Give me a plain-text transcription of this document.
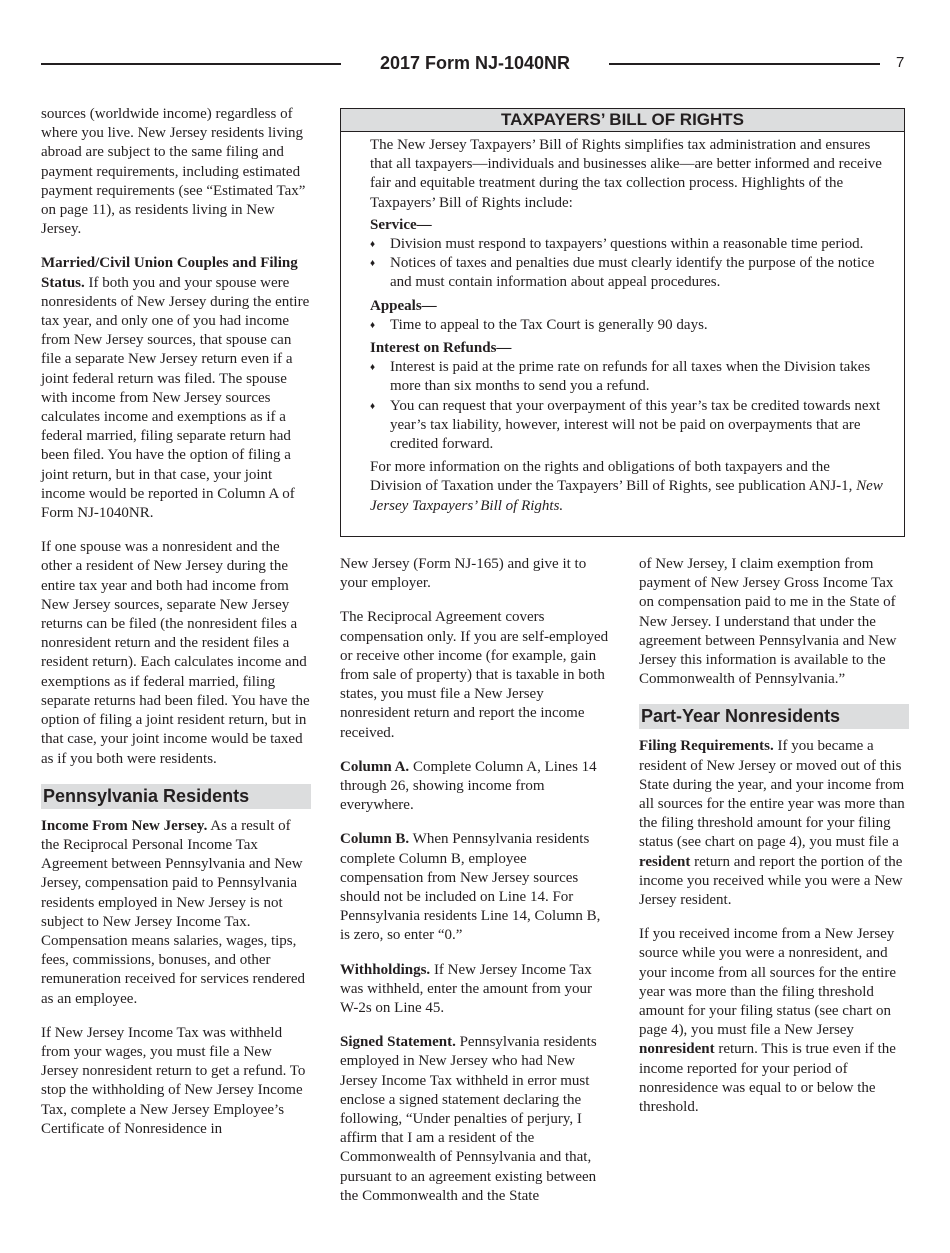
2017 Form NJ-1040NR	7

sources (worldwide income) regardless of where you live. New Jersey residents living abroad are subject to the same filing and payment requirements, including estimated payment requirements (see “Estimated Tax” on page 11), as residents living in New Jersey.

Married/Civil Union Couples and Filing Status. If both you and your spouse were nonresidents of New Jersey during the entire tax year, and only one of you had income from New Jersey sources, that spouse can file a separate New Jersey return even if a joint federal return was filed. The spouse with income from New Jersey sources calculates income and exemptions as if a federal married, filing separate return had been filed. You have the option of filing a joint return, but in that case, your joint income would be reported in Column A of Form NJ-1040NR.

If one spouse was a nonresident and the other a resident of New Jersey during the entire tax year and both had income from New Jersey sources, separate New Jersey returns can be filed (the nonresident files a nonresident return and the resident files a resident return). Each calculates income and exemptions as if federal married, filing separate returns had been filed. You have the option of filing a joint resident return, but in that case, your joint income would be taxed as if you both were residents.

Pennsylvania Residents

Income From New Jersey. As a result of the Reciprocal Personal Income Tax Agreement between Pennsylvania and New Jersey, compensation paid to Pennsylvania residents employed in New Jersey is not subject to New Jersey Income Tax. Compensation means salaries, wages, tips, fees, commissions, bonuses, and other remuneration received for services rendered as an employee.

If New Jersey Income Tax was withheld from your wages, you must file a New Jersey nonresident return to get a refund. To stop the withholding of New Jersey Income Tax, complete a New Jersey Employee’s Certificate of Nonresidence in

TAXPAYERS’ BILL OF RIGHTS

The New Jersey Taxpayers’ Bill of Rights simplifies tax administration and ensures that all taxpayers—individuals and businesses alike—are better informed and receive fair and equitable treatment during the tax collection process. Highlights of the Taxpayers’ Bill of Rights include:

Service—
♦ Division must respond to taxpayers’ questions within a reasonable time period.
♦ Notices of taxes and penalties due must clearly identify the purpose of the notice and must contain information about appeal procedures.
Appeals—
♦ Time to appeal to the Tax Court is generally 90 days.
Interest on Refunds—
♦ Interest is paid at the prime rate on refunds for all taxes when the Division takes more than six months to send you a refund.
♦ You can request that your overpayment of this year’s tax be credited towards next year’s tax liability, however, interest will not be paid on overpayments that are credited forward.

For more information on the rights and obligations of both taxpayers and the Division of Taxation under the Taxpayers’ Bill of Rights, see publication ANJ-1, New Jersey Taxpayers’ Bill of Rights.

New Jersey (Form NJ-165) and give it to your employer.

The Reciprocal Agreement covers compensation only. If you are self-employed or receive other income (for example, gain from sale of property) that is taxable in both states, you must file a New Jersey nonresident return and report the income received.

Column A. Complete Column A, Lines 14 through 26, showing income from everywhere.

Column B. When Pennsylvania residents complete Column B, employee compensation from New Jersey sources should not be included on Line 14. For Pennsylvania residents Line 14, Column B, is zero, so enter “0.”

Withholdings. If New Jersey Income Tax was withheld, enter the amount from your W-2s on Line 45.

Signed Statement. Pennsylvania residents employed in New Jersey who had New Jersey Income Tax withheld in error must enclose a signed statement declaring the following, “Under penalties of perjury, I affirm that I am a resident of the Commonwealth of Pennsylvania and that, pursuant to an agreement existing between the Commonwealth and the State

of New Jersey, I claim exemption from payment of New Jersey Gross Income Tax on compensation paid to me in the State of New Jersey. I understand that under the agreement between Pennsylvania and New Jersey this information is available to the Commonwealth of Pennsylvania.”

Part-Year Nonresidents

Filing Requirements. If you became a resident of New Jersey or moved out of this State during the year, and your income from all sources for the entire year was more than the filing threshold amount for your filing status (see chart on page 4), you must file a resident return and report the portion of the income you received while you were a New Jersey resident.

If you received income from a New Jersey source while you were a nonresident, and your income from all sources for the entire year was more than the filing threshold amount for your filing status (see chart on page 4), you must file a New Jersey nonresident return. This is true even if the income reported for your period of nonresidence was equal to or below the threshold.
